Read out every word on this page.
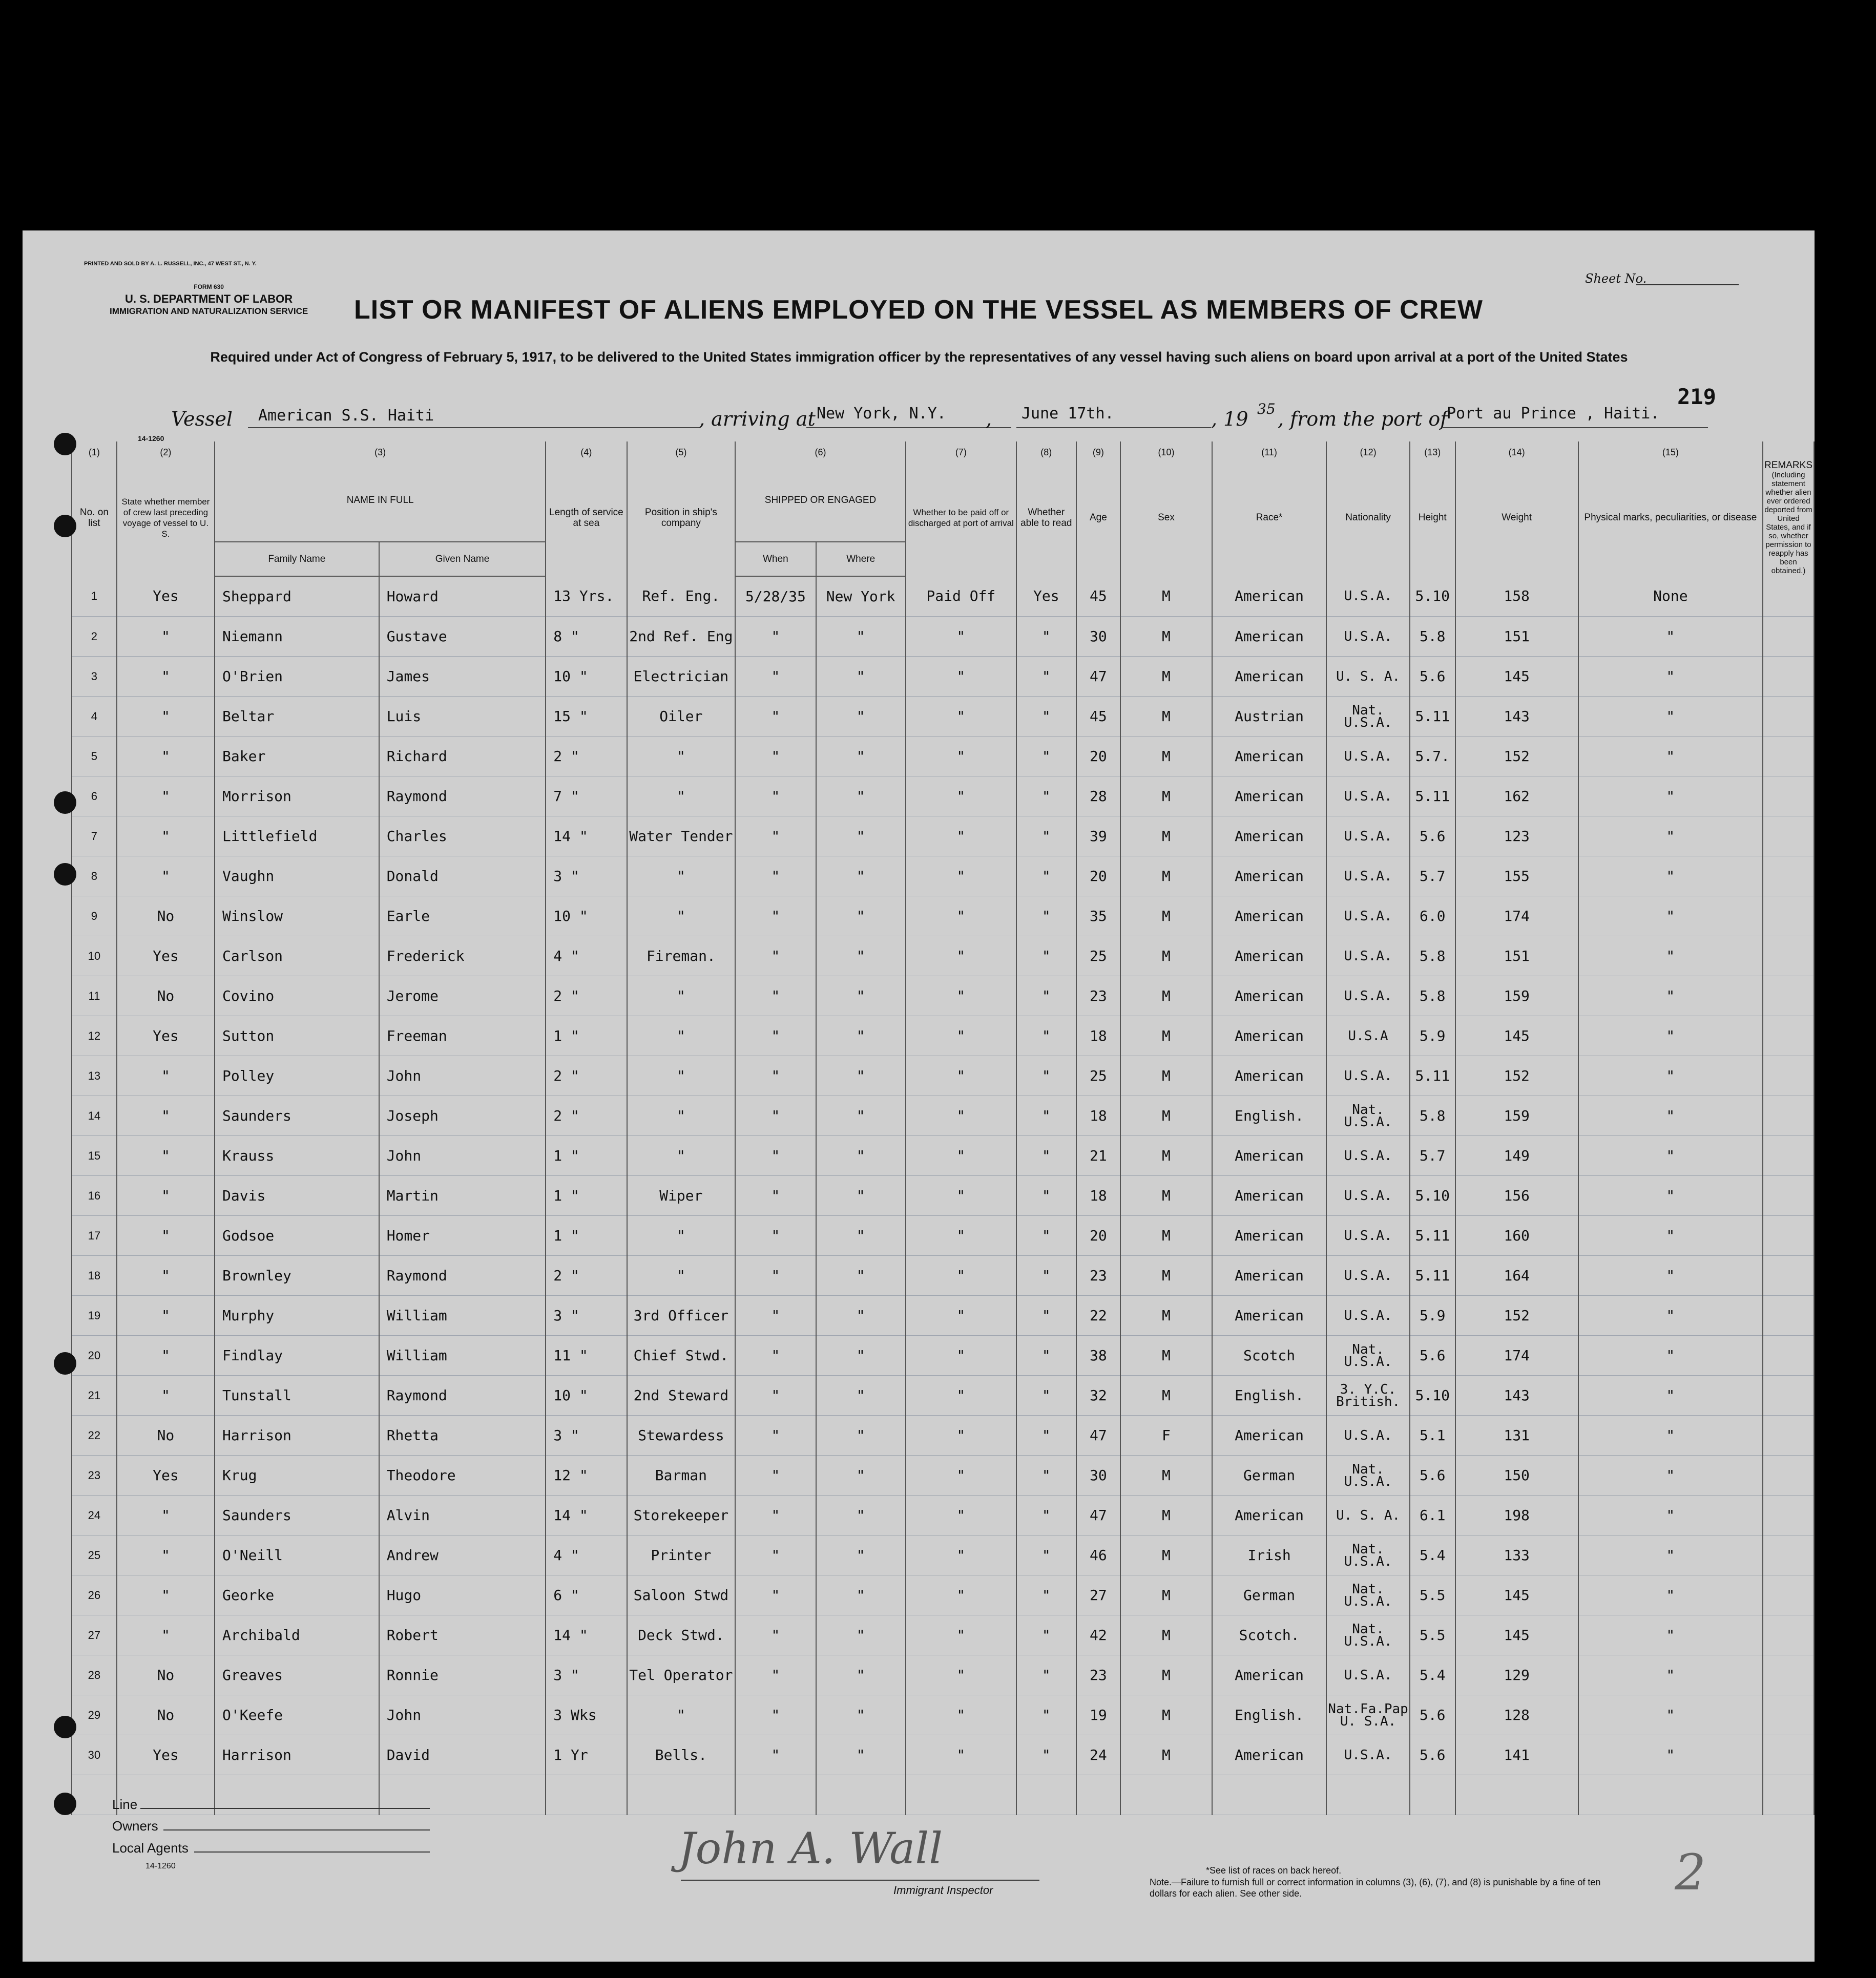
PRINTED AND SOLD BY A. L. RUSSELL, INC., 47 WEST ST., N. Y.
FORM 630
U. S. DEPARTMENT OF LABOR
IMMIGRATION AND NATURALIZATION SERVICE
Sheet No.
LIST OR MANIFEST OF ALIENS EMPLOYED ON THE VESSEL AS MEMBERS OF CREW
Required under Act of Congress of February 5, 1917, to be delivered to the United States immigration officer by the representatives of any vessel having such aliens on board upon arrival at a port of the United States
219
Vessel American S.S. Haiti	, arriving at New York, N.Y. , June 17th.	, 19 35 , from the port of
Port au Prince , Haiti.
14-1260
(1)	(2)	(3)		(4)	(5)	(6)		(7)	(8)	(9)	(10)	(11)	(12)	(13)	(14)	(15)	
No. on list	State whether member of crew last preceding voyage of vessel to U. S.	NAME IN FULL		Length of service at sea	Position in ship's company	SHIPPED OR ENGAGED		Whether to be paid off or discharged at port of arrival	Whether able to read	Age	Sex	Race*	Nationality	Height	Weight	Physical marks, peculiarities, or disease	REMARKS
(Including statement whether alien ever ordered deported from United States, and if so, whether permission to reapply has been obtained.)

		Family Name	Given Name			When	Where										
1	Yes	Sheppard	Howard	13 Yrs.	Ref. Eng.	5/28/35	New York	Paid Off	Yes	45	M	American	U.S.A.	5.10	158	None	
2	"	Niemann	Gustave	8 "	2nd Ref. Eng	"	"	"	"	30	M	American	U.S.A.	5.8	151	"	
3	"	O'Brien	James	10 "	Electrician	"	"	"	"	47	M	American	U. S. A.	5.6	145	"	
4	"	Beltar	Luis	15 "	Oiler	"	"	"	"	45	M	Austrian	Nat.
U.S.A.	5.11	143	"	
5	"	Baker	Richard	2 "	"	"	"	"	"	20	M	American	U.S.A.	5.7.	152	"	
6	"	Morrison	Raymond	7 "	"	"	"	"	"	28	M	American	U.S.A.	5.11	162	"	
7	"	Littlefield	Charles	14 "	Water Tender	"	"	"	"	39	M	American	U.S.A.	5.6	123	"	
8	"	Vaughn	Donald	3 "	"	"	"	"	"	20	M	American	U.S.A.	5.7	155	"	
9	No	Winslow	Earle	10 "	"	"	"	"	"	35	M	American	U.S.A.	6.0	174	"	
10	Yes	Carlson	Frederick	4 "	Fireman.	"	"	"	"	25	M	American	U.S.A.	5.8	151	"	
11	No	Covino	Jerome	2 "	"	"	"	"	"	23	M	American	U.S.A.	5.8	159	"	
12	Yes	Sutton	Freeman	1 "	"	"	"	"	"	18	M	American	U.S.A	5.9	145	"	
13	"	Polley	John	2 "	"	"	"	"	"	25	M	American	U.S.A.	5.11	152	"	
14	"	Saunders	Joseph	2 "	"	"	"	"	"	18	M	English.	Nat.
U.S.A.	5.8	159	"	
15	"	Krauss	John	1 "	"	"	"	"	"	21	M	American	U.S.A.	5.7	149	"	
16	"	Davis	Martin	1 "	Wiper	"	"	"	"	18	M	American	U.S.A.	5.10	156	"	
17	"	Godsoe	Homer	1 "	"	"	"	"	"	20	M	American	U.S.A.	5.11	160	"	
18	"	Brownley	Raymond	2 "	"	"	"	"	"	23	M	American	U.S.A.	5.11	164	"	
19	"	Murphy	William	3 "	3rd Officer	"	"	"	"	22	M	American	U.S.A.	5.9	152	"	
20	"	Findlay	William	11 "	Chief Stwd.	"	"	"	"	38	M	Scotch	Nat.
U.S.A.	5.6	174	"	
21	"	Tunstall	Raymond	10 "	2nd Steward	"	"	"	"	32	M	English.	3. Y.C.
British.	5.10	143	"	
22	No	Harrison	Rhetta	3 "	Stewardess	"	"	"	"	47	F	American	U.S.A.	5.1	131	"	
23	Yes	Krug	Theodore	12 "	Barman	"	"	"	"	30	M	German	Nat.
U.S.A.	5.6	150	"	
24	"	Saunders	Alvin	14 "	Storekeeper	"	"	"	"	47	M	American	U. S. A.	6.1	198	"	
25	"	O'Neill	Andrew	4 "	Printer	"	"	"	"	46	M	Irish	Nat.
U.S.A.	5.4	133	"	
26	"	Georke	Hugo	6 "	Saloon Stwd	"	"	"	"	27	M	German	Nat.
U.S.A.	5.5	145	"	
27	"	Archibald	Robert	14 "	Deck Stwd.	"	"	"	"	42	M	Scotch.	Nat.
U.S.A.	5.5	145	"	
28	No	Greaves	Ronnie	3 "	Tel Operator	"	"	"	"	23	M	American	U.S.A.	5.4	129	"	
29	No	O'Keefe	John	3 Wks	"	"	"	"	"	19	M	English.	Nat.Fa.Pap
U. S.A.	5.6	128	"	
30	Yes	Harrison	David	1 Yr	Bells.	"	"	"	"	24	M	American	U.S.A.	5.6	141	"	

Line
Owners
Local Agents
14-1260	John A. Wall
Immigrant Inspector
*See list of races on back hereof.
Note.—Failure to furnish full or correct information in columns (3), (6), (7), and (8) is punishable by a fine of ten dollars for each alien. See other side.	2
